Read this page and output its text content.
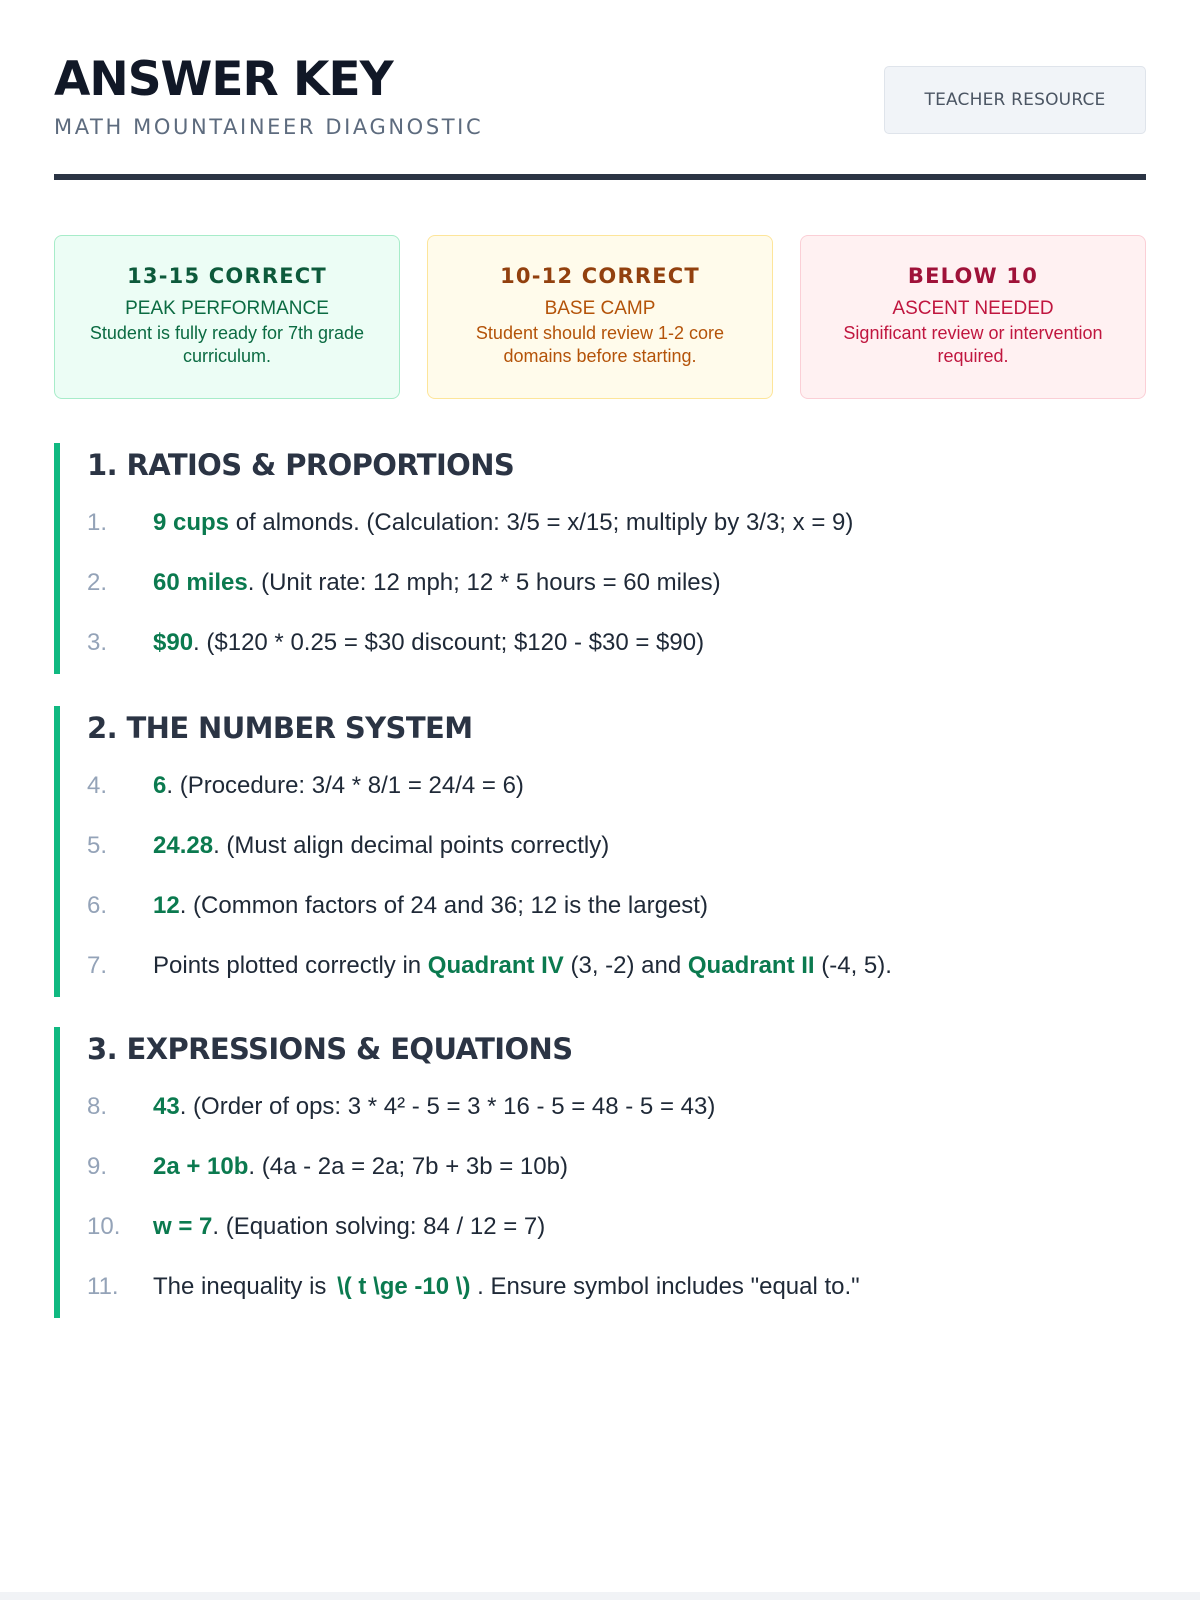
ANSWER KEY
MATH MOUNTAINEER DIAGNOSTIC
TEACHER RESOURCE
13-15 CORRECT
PEAK PERFORMANCE
Student is fully ready for 7th grade curriculum.
10-12 CORRECT
BASE CAMP
Student should review 1-2 core domains before starting.
BELOW 10
ASCENT NEEDED
Significant review or intervention required.
1. RATIOS & PROPORTIONS
1. 9 cups of almonds. (Calculation: 3/5 = x/15; multiply by 3/3; x = 9)
2. 60 miles. (Unit rate: 12 mph; 12 * 5 hours = 60 miles)
3. $90. ($120 * 0.25 = $30 discount; $120 - $30 = $90)
2. THE NUMBER SYSTEM
4. 6. (Procedure: 3/4 * 8/1 = 24/4 = 6)
5. 24.28. (Must align decimal points correctly)
6. 12. (Common factors of 24 and 36; 12 is the largest)
7. Points plotted correctly in Quadrant IV (3, -2) and Quadrant II (-4, 5).
3. EXPRESSIONS & EQUATIONS
8. 43. (Order of ops: 3 * 4² - 5 = 3 * 16 - 5 = 48 - 5 = 43)
9. 2a + 10b. (4a - 2a = 2a; 7b + 3b = 10b)
10. w = 7. (Equation solving: 84 / 12 = 7)
11. The inequality is \( t \ge -10 \) . Ensure symbol includes "equal to."
